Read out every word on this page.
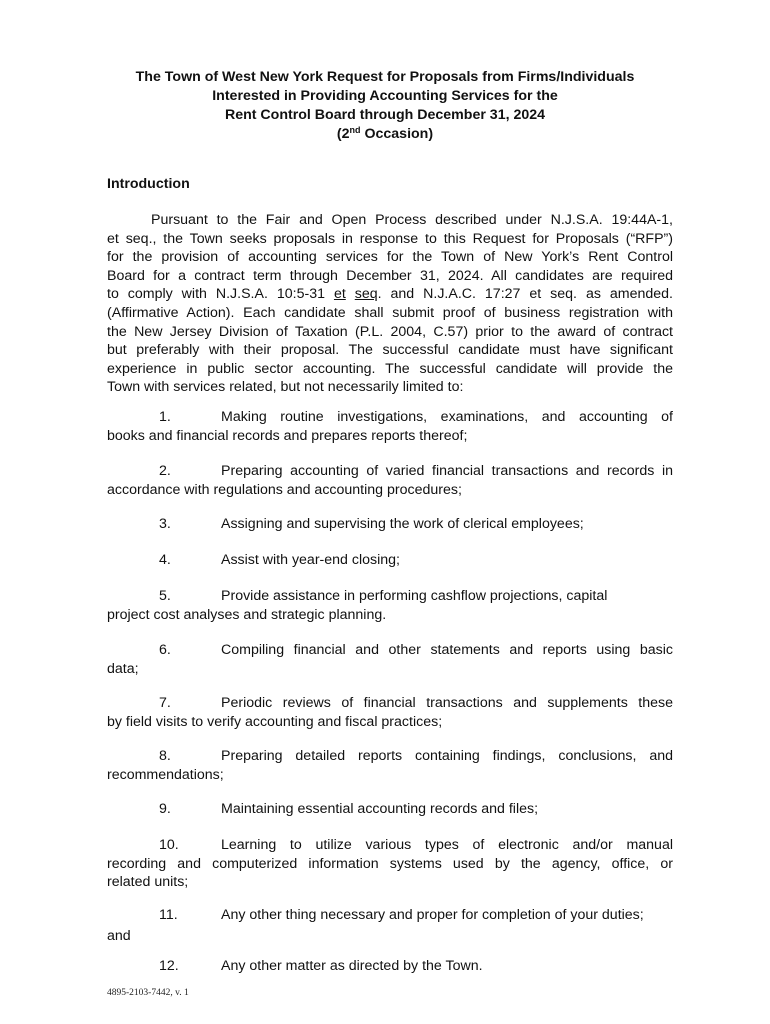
The Town of West New York Request for Proposals from Firms/Individuals
Interested in Providing Accounting Services for the
Rent Control Board through December 31, 2024
(2nd Occasion)
Introduction
Pursuant to the Fair and Open Process described under N.J.S.A. 19:44A-1,
et seq., the Town seeks proposals in response to this Request for Proposals (“RFP”)
for the provision of accounting services for the Town of New York’s Rent Control
Board for a contract term through December 31, 2024. All candidates are required
to comply with N.J.S.A. 10:5-31 et seq. and N.J.A.C. 17:27 et seq. as amended.
(Affirmative Action). Each candidate shall submit proof of business registration with
the New Jersey Division of Taxation (P.L. 2004, C.57) prior to the award of contract
but preferably with their proposal. The successful candidate must have significant
experience in public sector accounting. The successful candidate will provide the
Town with services related, but not necessarily limited to:
1.	Making routine investigations, examinations, and accounting of
books and financial records and prepares reports thereof;
2.	Preparing accounting of varied financial transactions and records in
accordance with regulations and accounting procedures;
3.	Assigning and supervising the work of clerical employees;
4.	Assist with year-end closing;
5.	Provide assistance in performing cashflow projections, capital
project cost analyses and strategic planning.
6.	Compiling financial and other statements and reports using basic
data;
7.	Periodic reviews of financial transactions and supplements these
by field visits to verify accounting and fiscal practices;
8.	Preparing detailed reports containing findings, conclusions, and
recommendations;
9.	Maintaining essential accounting records and files;
10.	Learning to utilize various types of electronic and/or manual
recording and computerized information systems used by the agency, office, or
related units;
11.	Any other thing necessary and proper for completion of your duties;
and
12.	Any other matter as directed by the Town.
4895-2103-7442, v. 1
